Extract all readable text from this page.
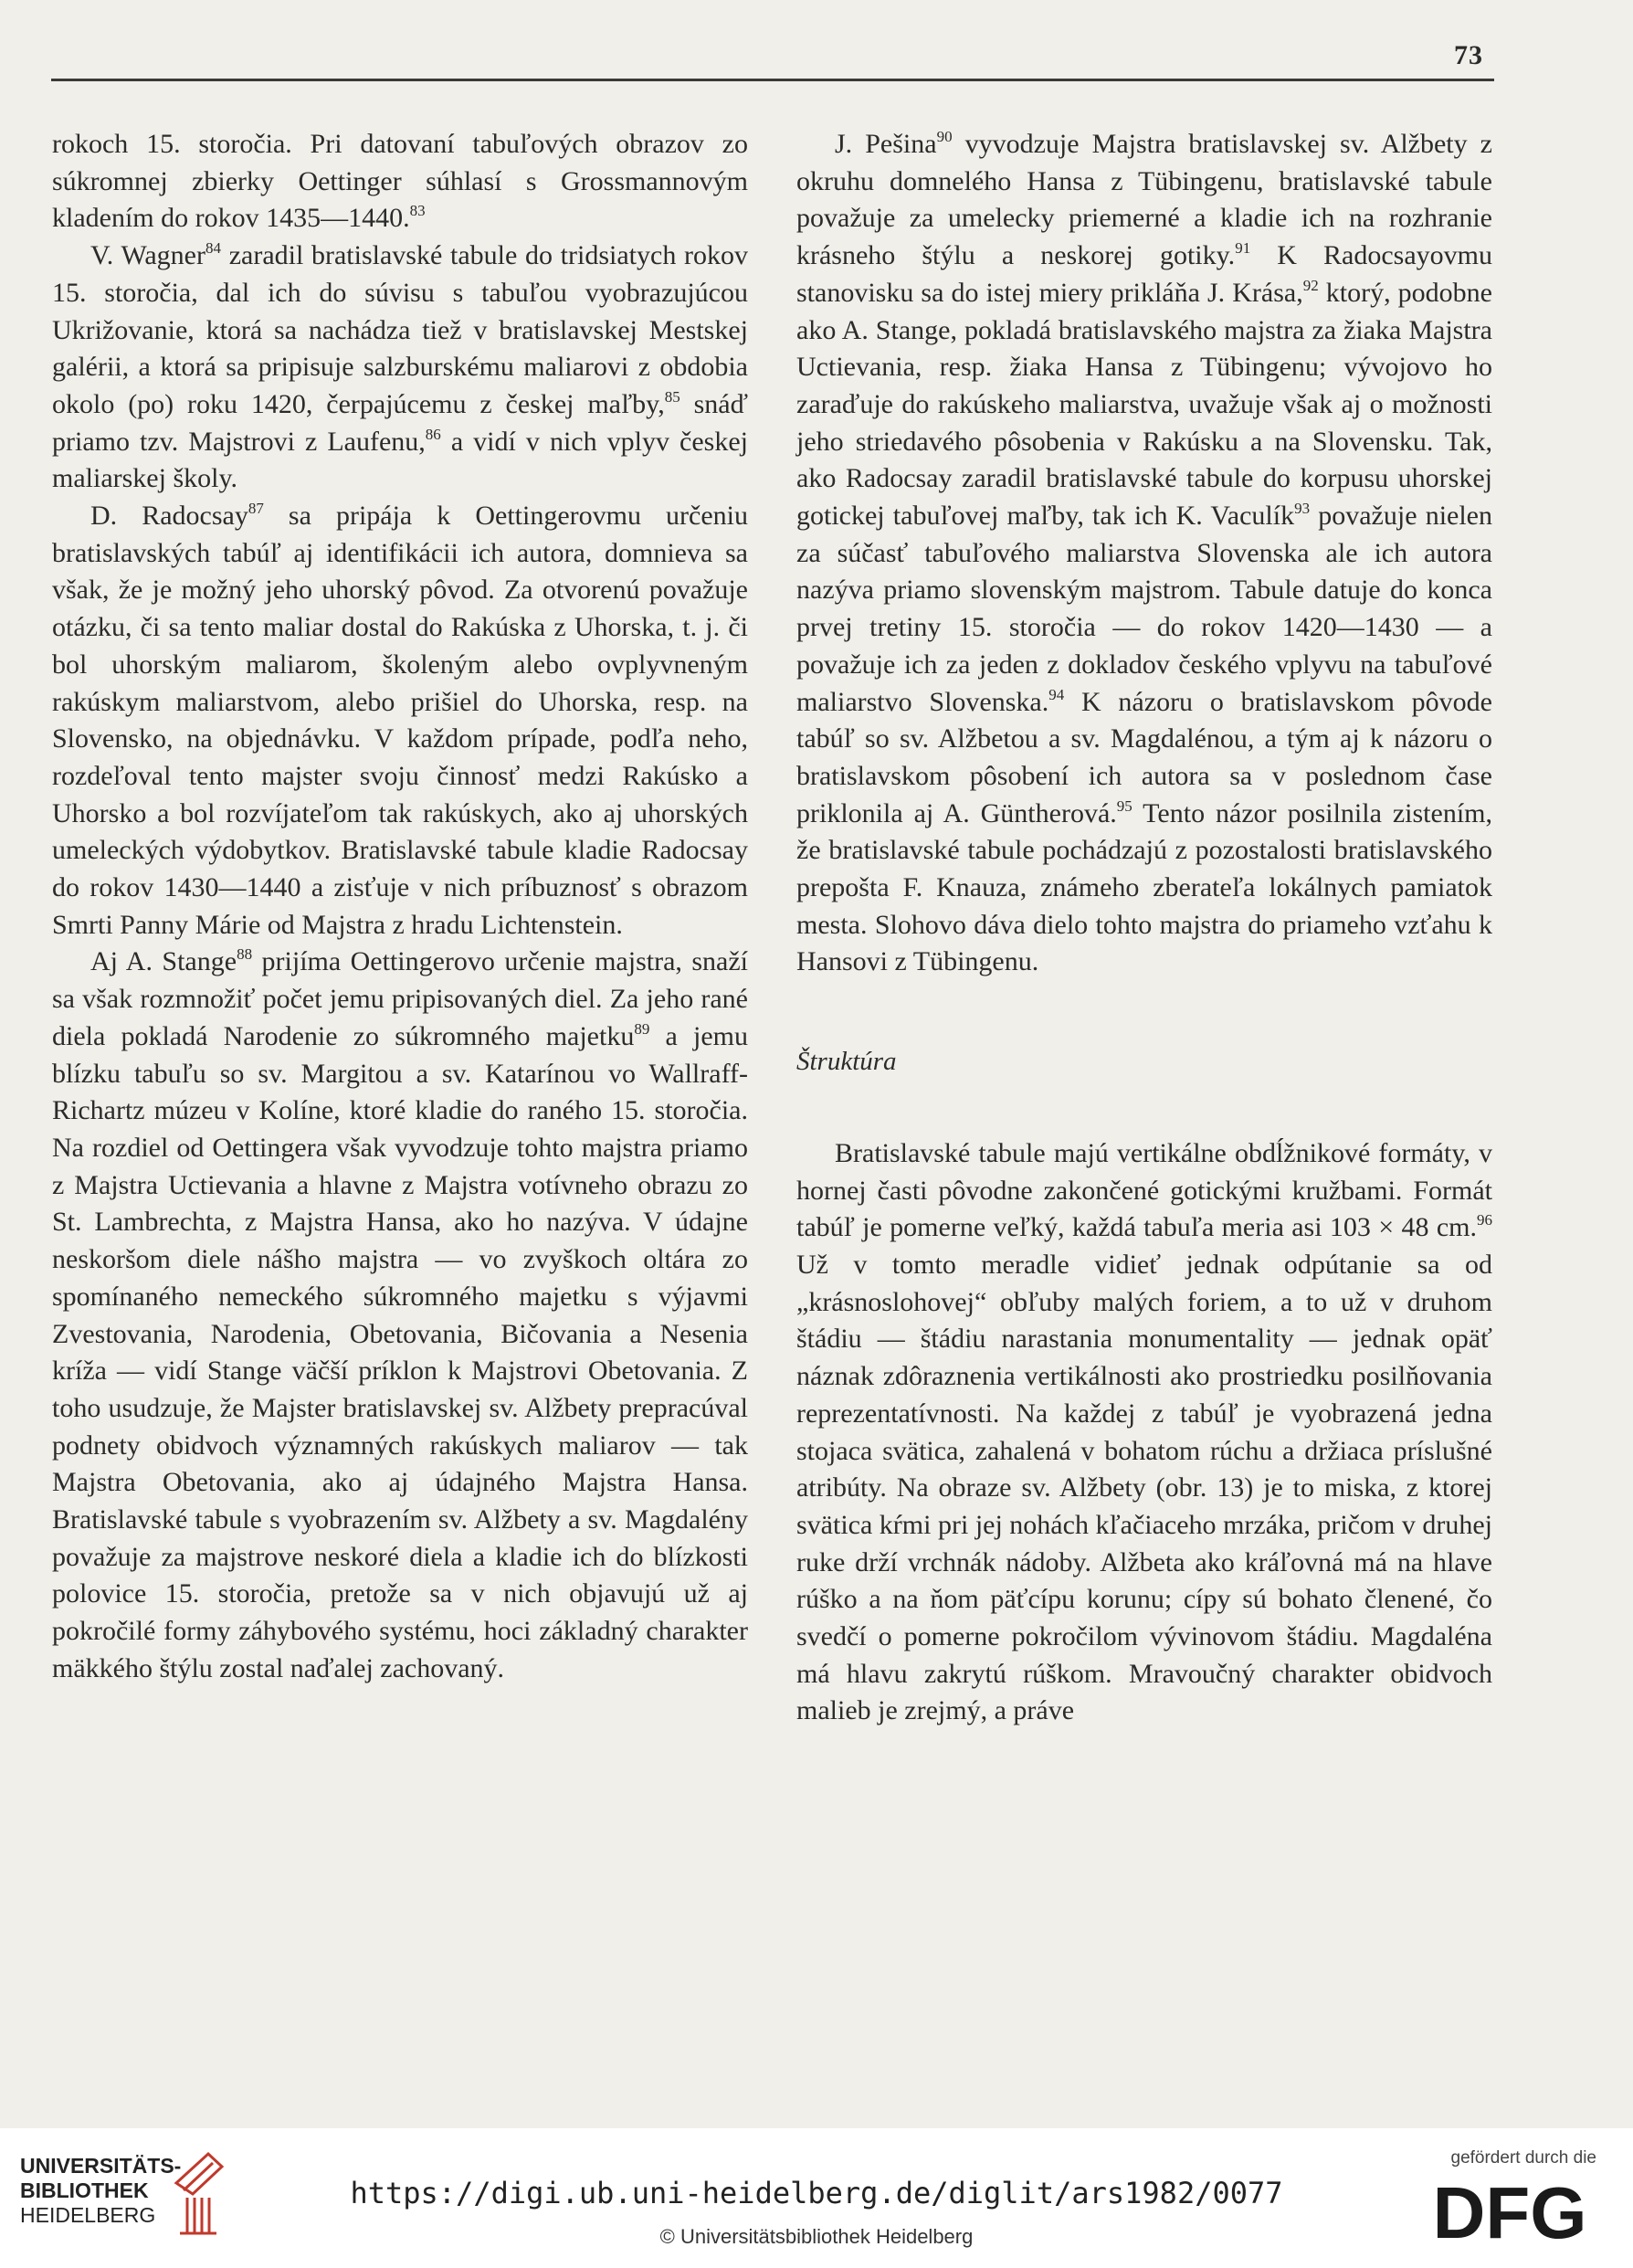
73

rokoch 15. storočia. Pri datovaní tabuľových obrazov zo súkromnej zbierky Oettinger súhlasí s Grossmannovým kladením do rokov 1435—1440.83

V. Wagner$^{84}$ zaradil bratislavské tabule do tridsiatych rokov 15. storočia, dal ich do súvisu s tabuľou vyobrazujúcou Ukrižovanie, ktorá sa nachádza tiež v bratislavskej Mestskej galérii, a ktorá sa pripisuje salzburskému maliarovi z obdobia okolo (po) roku 1420, čerpajúcemu z českej maľby,$^{85}$ snáď priamo tzv. Majstrovi z Laufenu,$^{86}$ a vidí v nich vplyv českej maliarskej školy.

D. Radocsay$^{87}$ sa pripája k Oettingerovmu určeniu bratislavských tabúľ aj identifikácii ich autora, domnieva sa však, že je možný jeho uhorský pôvod. Za otvorenú považuje otázku, či sa tento maliar dostal do Rakúska z Uhorska, t. j. či bol uhorským maliarom, školeným alebo ovplyvneným rakúskym maliarstvom, alebo prišiel do Uhorska, resp. na Slovensko, na objednávku. V každom prípade, podľa neho, rozdeľoval tento majster svoju činnosť medzi Rakúsko a Uhorsko a bol rozvíjateľom tak rakúskych, ako aj uhorských umeleckých výdobytkov. Bratislavské tabule kladie Radocsay do rokov 1430—1440 a zisťuje v nich príbuznosť s obrazom Smrti Panny Márie od Majstra z hradu Lichtenstein.

Aj A. Stange$^{88}$ prijíma Oettingerovo určenie majstra, snaží sa však rozmnožiť počet jemu pripisovaných diel. Za jeho rané diela pokladá Narodenie zo súkromného majetku$^{89}$ a jemu blízku tabuľu so sv. Margitou a sv. Katarínou vo Wallraff-Richartz múzeu v Kolíne, ktoré kladie do raného 15. storočia. Na rozdiel od Oettingera však vyvodzuje tohto majstra priamo z Majstra Uctievania a hlavne z Majstra votívneho obrazu zo St. Lambrechta, z Majstra Hansa, ako ho nazýva. V údajne neskoršom diele nášho majstra — vo zvyškoch oltára zo spomínaného nemeckého súkromného majetku s výjavmi Zvestovania, Narodenia, Obetovania, Bičovania a Nesenia kríža — vidí Stange väčší príklon k Majstrovi Obetovania. Z toho usudzuje, že Majster bratislavskej sv. Alžbety prepracúval podnety obidvoch významných rakúskych maliarov — tak Majstra Obetovania, ako aj údajného Majstra Hansa. Bratislavské tabule s vyobrazením sv. Alžbety a sv. Magdalény považuje za majstrove neskoré diela a kladie ich do blízkosti polovice 15. storočia, pretože sa v nich objavujú už aj pokročilé formy záhybového systému, hoci základný charakter mäkkého štýlu zostal naďalej zachovaný.

J. Pešina$^{90}$ vyvodzuje Majstra bratislavskej sv. Alžbety z okruhu domnelého Hansa z Tübingenu, bratislavské tabule považuje za umelecky priemerné a kladie ich na rozhranie krásneho štýlu a neskorej gotiky.$^{91}$ K Radocsayovmu stanovisku sa do istej miery prikláňa J. Krása,$^{92}$ ktorý, podobne ako A. Stange, pokladá bratislavského majstra za žiaka Majstra Uctievania, resp. žiaka Hansa z Tübingenu; vývojovo ho zaraďuje do rakúskeho maliarstva, uvažuje však aj o možnosti jeho striedavého pôsobenia v Rakúsku a na Slovensku. Tak, ako Radocsay zaradil bratislavské tabule do korpusu uhorskej gotickej tabuľovej maľby, tak ich K. Vaculík$^{93}$ považuje nielen za súčasť tabuľového maliarstva Slovenska ale ich autora nazýva priamo slovenským majstrom. Tabule datuje do konca prvej tretiny 15. storočia — do rokov 1420—1430 — a považuje ich za jeden z dokladov českého vplyvu na tabuľové maliarstvo Slovenska.$^{94}$ K názoru o bratislavskom pôvode tabúľ so sv. Alžbetou a sv. Magdalénou, a tým aj k názoru o bratislavskom pôsobení ich autora sa v poslednom čase priklonila aj A. Güntherová.$^{95}$ Tento názor posilnila zistením, že bratislavské tabule pochádzajú z pozostalosti bratislavského prepošta F. Knauza, známeho zberateľa lokálnych pamiatok mesta. Slohovo dáva dielo tohto majstra do priameho vzťahu k Hansovi z Tübingenu.

Štruktúra

Bratislavské tabule majú vertikálne obdĺžnikové formáty, v hornej časti pôvodne zakončené gotickými kružbami. Formát tabúľ je pomerne veľký, každá tabuľa meria asi 103 × 48 cm.$^{96}$ Už v tomto meradle vidieť jednak odpútanie sa od „krásnoslohovej“ obľuby malých foriem, a to už v druhom štádiu — štádiu narastania monumentality — jednak opäť náznak zdôraznenia vertikálnosti ako prostriedku posilňovania reprezentatívnosti. Na každej z tabúľ je vyobrazená jedna stojaca svätica, zahalená v bohatom rúchu a držiaca príslušné atribúty. Na obraze sv. Alžbety (obr. 13) je to miska, z ktorej svätica kŕmi pri jej nohách kľačiaceho mrzáka, pričom v druhej ruke drží vrchnák nádoby. Alžbeta ako kráľovná má na hlave rúško a na ňom päťcípu korunu; cípy sú bohato členené, čo svedčí o pomerne pokročilom vývinovom štádiu. Magdaléna má hlavu zakrytú rúškom. Mravoučný charakter obidvoch malieb je zrejmý, a práve

UNIVERSITÄTS-
BIBLIOTHEK
HEIDELBERG
https://digi.ub.uni-heidelberg.de/diglit/ars1982/0077
© Universitätsbibliothek Heidelberg
gefördert durch die
DFG
